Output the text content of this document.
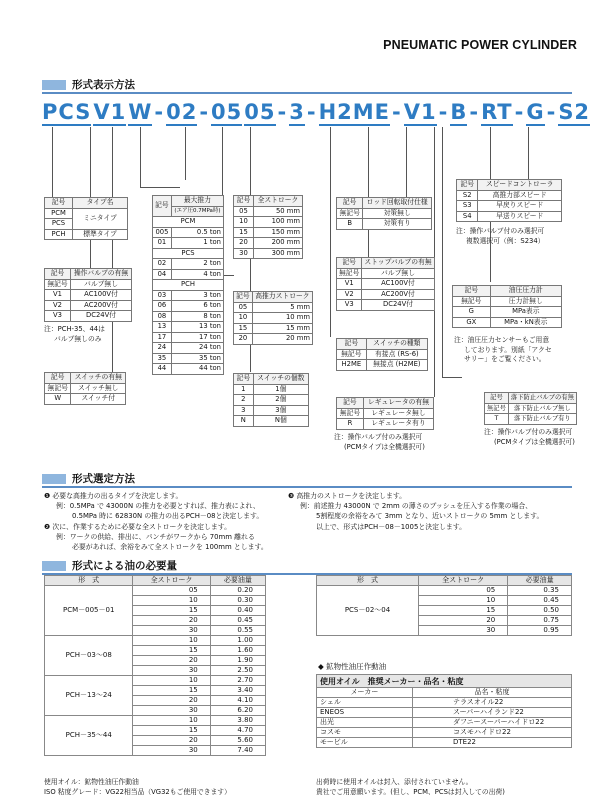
PNEUMATIC POWER CYLINDER
形式表示方法
PCSV1W-02-0505-3-H2ME-V1-B-RT-G-S2
記号	タイプ名
PCM	ミニタイプ
PCS	
PCH	標準タイプ
記号	操作バルブの有無
無記号	バルブ無し
V1	AC100V付
V2	AC200V付
V3	DC24V付
注：PCH-35、44は
バルブ無しのみ
記号	スイッチの有無
無記号	スイッチ無し
W	スイッチ付
記号	最大推力
	(エア圧0.7MPa時)
PCM	
005	0.5 ton
01	1 ton
PCS	
02	2 ton
04	4 ton
PCH	
03	3 ton
06	6 ton
08	8 ton
13	13 ton
17	17 ton
24	24 ton
35	35 ton
44	44 ton
記号	全ストローク
05	50 mm
10	100 mm
15	150 mm
20	200 mm
30	300 mm
記号	高推力ストローク
05	5 mm
10	10 mm
15	15 mm
20	20 mm
記号	スイッチの個数
1	1個
2	2個
3	3個
N	N個
記号	ロッド回転取付仕様
無記号	対策無し
B	対策有り
記号	ストップバルブの有無
無記号	バルブ無し
V1	AC100V付
V2	AC200V付
V3	DC24V付
記号	スイッチの種類
無記号	有接点 (RS-6)
H2ME	無接点 (H2ME)
記号	レギュレータの有無
無記号	レギュレータ無し
R	レギュレータ有り
注：操作バルブ付のみ選択可
(PCMタイプは全機選択可)
記号	スピードコントローラ
S2	高推力部スピード
S3	早戻りスピード
S4	早送りスピード
注：操作バルブ付のみ選択可
複数選択可（例：S234）
記号	油圧圧力計
無記号	圧力計無し
G	MPa表示
GX	MPa・kN表示
注：油圧圧力センサーもご用意
しております。別紙「アクセ
サリー」をご覧ください。
記号	落下防止バルブの有無
無記号	落下防止バルブ無し
T	落下防止バルブ有り
注：操作バルブ付のみ選択可
(PCMタイプは全機選択可)
形式選定方法
❶ 必要な高推力の出るタイプを決定します。
例：0.5MPa で 43000N の推力を必要とすれば、推力表によれ、
0.5MPa 時に 62830N の推力の出るPCH－08と決定します。
❷ 次に、作業するために必要な全ストロークを決定します。
例：ワークの供給、排出に、パンチがワークから 70mm 離れる
必要があれば、余裕をみて全ストロークを 100mm とします。
❸ 高推力のストロークを決定します。
例：前述推力 43000N で 2mm の薄さのブッシュを圧入する作業の場合、
5割程度の余裕をみて 3mm となり、近いストロークの 5mm とします。
以上で、形式はPCH－08－1005と決定します。
形式による油の必要量
形　式	全ストローク	必要油量
PCM－005－01	05	0.20
	10	0.30
	15	0.40
	20	0.45
	30	0.55
PCH－03～08	10	1.00
	15	1.60
	20	1.90
	30	2.50
PCH－13～24	10	2.70
	15	3.40
	20	4.10
	30	6.20
PCH－35～44	10	3.80
	15	4.70
	20	5.60
	30	7.40
形　式	全ストローク	必要油量
PCS－02～04	05	0.35
	10	0.45
	15	0.50
	20	0.75
	30	0.95
◆ 鉱物性油圧作動油
使用オイル　推奨メーカー・品名・粘度	
メーカー	品名・粘度
シェル	テラスオイル22
ENEOS	スーパーハイランド22
出光	ダフニースーパーハイドロ22
コスモ	コスモハイドロ22
モービル	DTE22
使用オイル：鉱物性油圧作動油
ISO 粘度グレード：VG22相当品（VG32もご使用できます）
出荷時に使用オイルは封入、添付されていません。
貴社でご用意願います。(但し、PCM、PCSは封入しての出荷)
